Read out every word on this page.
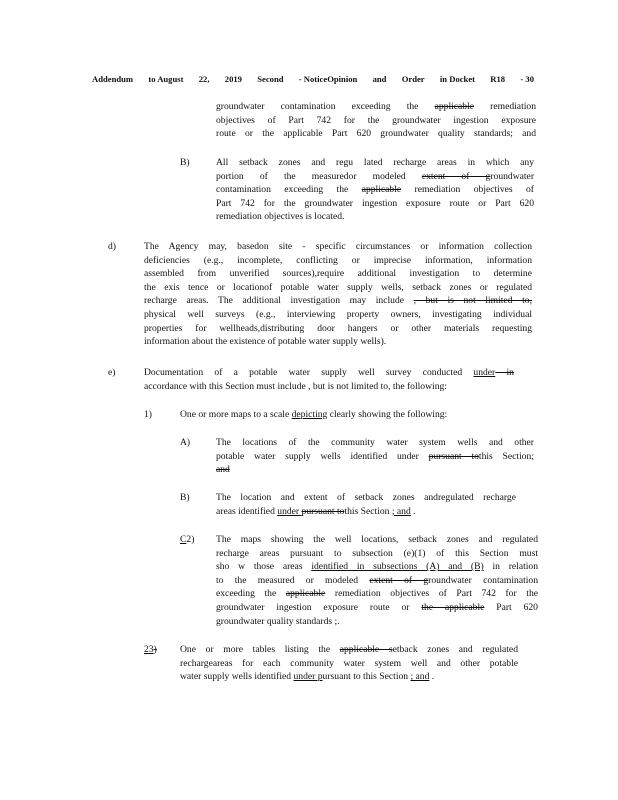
Addendum to August 22, 2019 Second - NoticeOpinion and Order in Docket R18 - 30
groundwater contamination exceeding the applicable remediation
objectives of Part 742 for the groundwater ingestion exposure
route or the applicable Part 620 groundwater quality standards; and
B)	All setback zones and regu lated recharge areas in which any
portion of the measuredor modeled extent of groundwater
contamination exceeding the applicable remediation objectives of
Part 742 for the groundwater ingestion exposure route or Part 620
remediation objectives is located.
d)	The Agency may, basedon site - specific circumstances or information collection
deficiencies (e.g., incomplete, conflicting or imprecise information, information
assembled from unverified sources),require additional investigation to determine
the exis tence or locationof potable water supply wells, setback zones or regulated
recharge areas. The additional investigation may include , but is not limited to,
physical well surveys (e.g., interviewing property owners, investigating individual
properties for wellheads,distributing door hangers or other materials requesting
information about the existence of potable water supply wells).
e)	Documentation of a potable water supply well survey conducted under in
accordance with this Section must include , but is not limited to, the following:
1)	One or more maps to a scale depicting clearly showing the following:
A)	The locations of the community water system wells and other
potable water supply wells identified under pursuant tothis Section;
and
B)	The location and extent of setback zones andregulated recharge
areas identified under pursuant tothis Section ; and .
C2) The maps showing the well locations, setback zones and regulated
recharge areas pursuant to subsection (e)(1) of this Section must
sho w those areas identified in subsections (A) and (B) in relation
to the measured or modeled extent of groundwater contamination
exceeding the applicable remediation objectives of Part 742 for the
groundwater ingestion exposure route or the applicable Part 620
groundwater quality standards ;.
23) One or more tables listing the applicable setback zones and regulated
rechargeareas for each community water system well and other potable
water supply wells identified under pursuant to this Section ; and .
